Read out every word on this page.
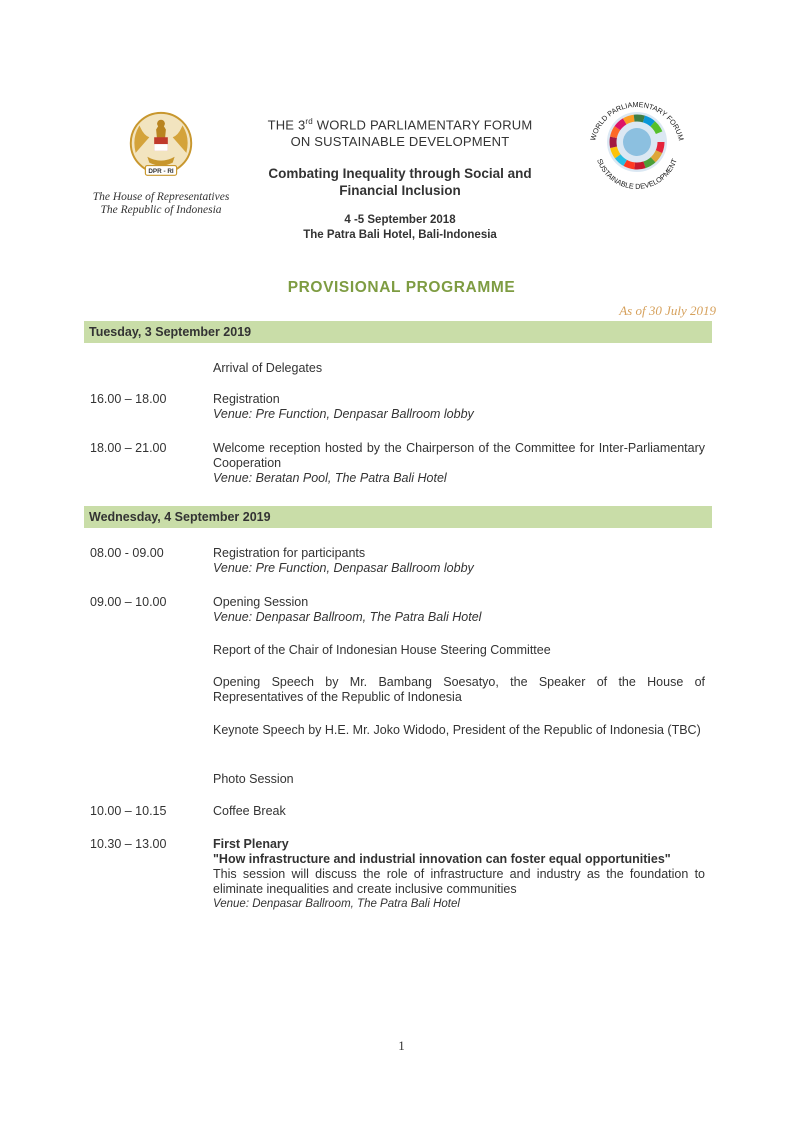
DPR - RI
The House of Representatives
The Republic of Indonesia
THE 3rd WORLD PARLIAMENTARY FORUM
ON SUSTAINABLE DEVELOPMENT
Combating Inequality through Social and
Financial Inclusion
4 -5 September 2018
The Patra Bali Hotel, Bali-Indonesia
WORLD PARLIAMENTARY FORUM
SUSTAINABLE DEVELOPMENT
PROVISIONAL PROGRAMME
As of 30 July 2019
Tuesday, 3 September 2019
Arrival of Delegates
16.00 – 18.00	Registration
Venue: Pre Function, Denpasar Ballroom lobby
18.00 – 21.00	Welcome reception hosted by the Chairperson of the Committee for Inter-Parliamentary Cooperation
Venue: Beratan Pool, The Patra Bali Hotel
Wednesday, 4 September 2019
08.00 - 09.00	Registration for participants
Venue: Pre Function, Denpasar Ballroom lobby
09.00 – 10.00	Opening Session
Venue: Denpasar Ballroom, The Patra Bali Hotel
Report of the Chair of Indonesian House Steering Committee
Opening Speech by Mr. Bambang Soesatyo, the Speaker of the House of Representatives of the Republic of Indonesia
Keynote Speech by H.E. Mr. Joko Widodo, President of the Republic of Indonesia (TBC)
Photo Session
10.00 – 10.15	Coffee Break
10.30 – 13.00	First Plenary
"How infrastructure and industrial innovation can foster equal opportunities"
This session will discuss the role of infrastructure and industry as the foundation to eliminate inequalities and create inclusive communities
Venue: Denpasar Ballroom, The Patra Bali Hotel
1
